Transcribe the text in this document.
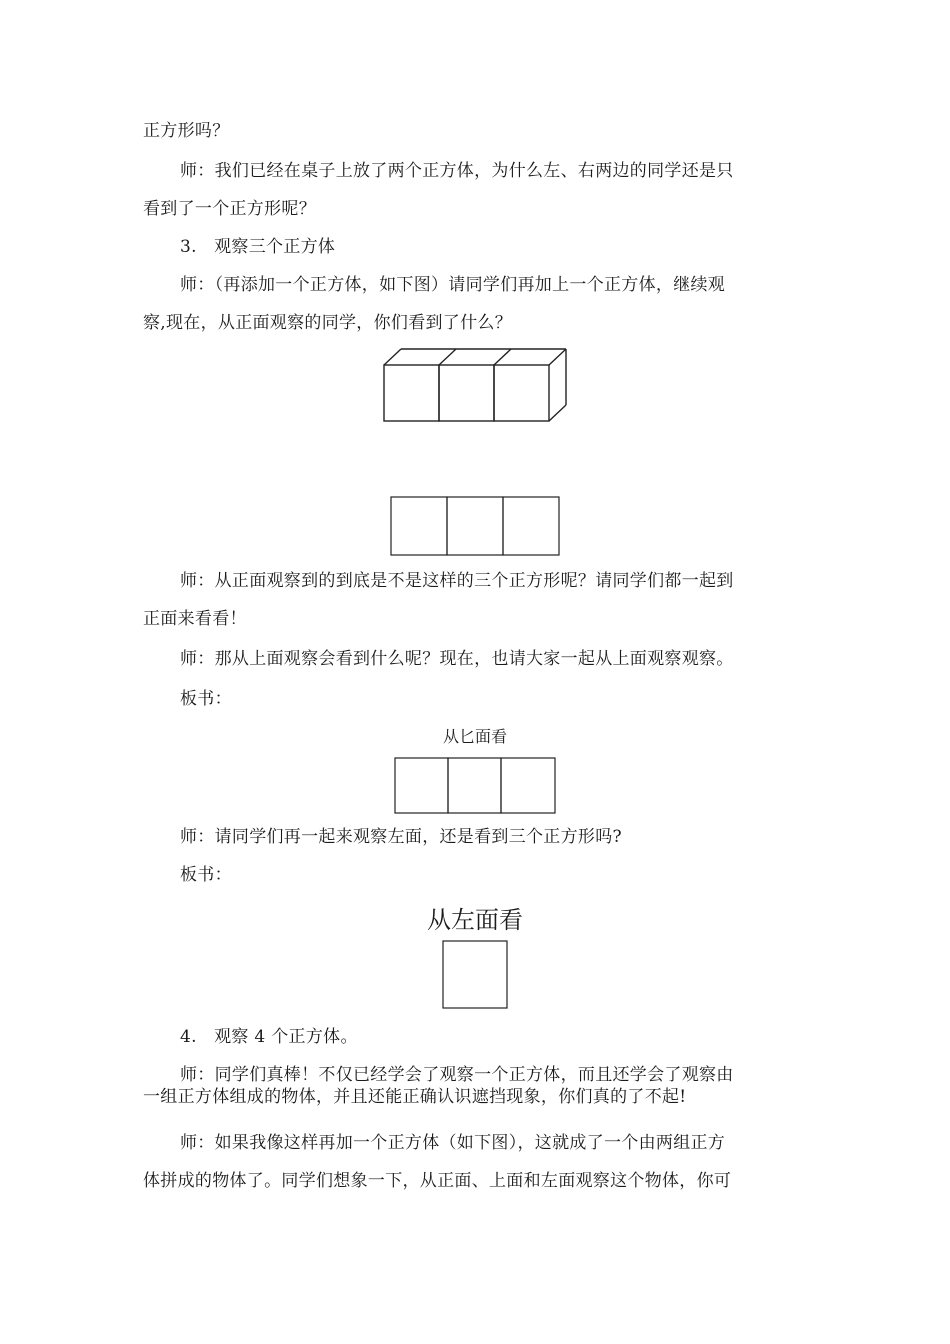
正方形吗？
师：我们已经在桌子上放了两个正方体，为什么左、右两边的同学还是只
看到了一个正方形呢？
3.　观察三个正方体
师：（再添加一个正方体，如下图）请同学们再加上一个正方体，继续观
察,现在，从正面观察的同学，你们看到了什么？
师：从正面观察到的到底是不是这样的三个正方形呢？请同学们都一起到
正面来看看！
师：那从上面观察会看到什么呢？现在，也请大家一起从上面观察观察。
板书：
从匕面看
师：请同学们再一起来观察左面，还是看到三个正方形吗?
板书：
从左面看
4.　观察 4 个正方体。
师：同学们真棒！不仅已经学会了观察一个正方体，而且还学会了观察由
一组正方体组成的物体，并且还能正确认识遮挡现象，你们真的了不起!
师：如果我像这样再加一个正方体（如下图），这就成了一个由两组正方
体拼成的物体了。同学们想象一下，从正面、上面和左面观察这个物体，你可
